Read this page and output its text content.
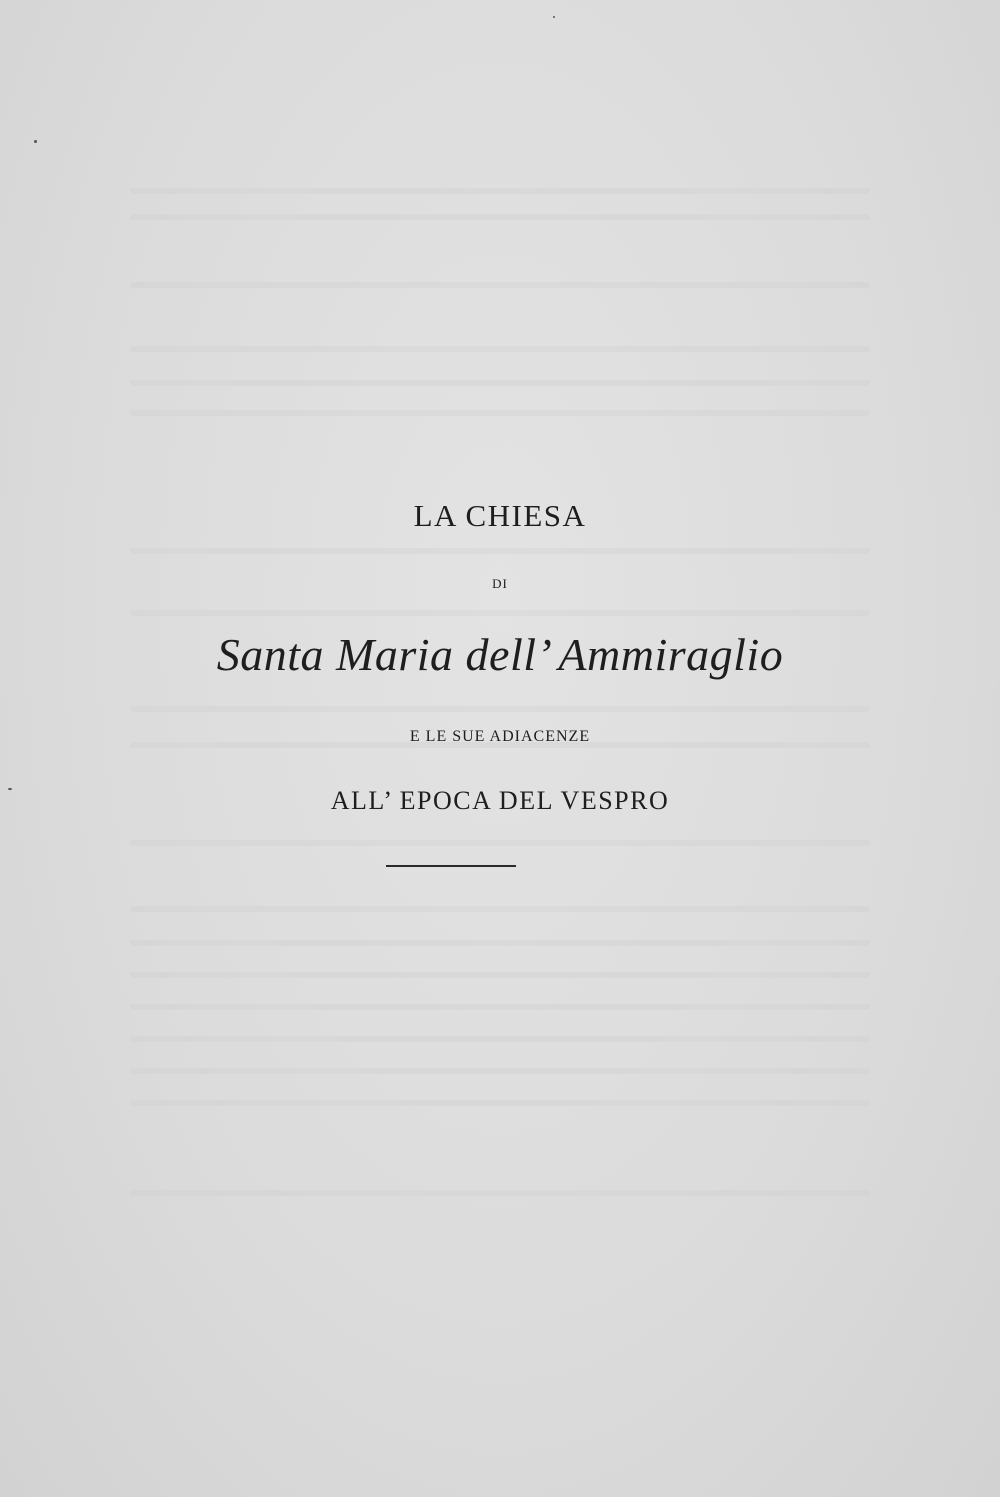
LA CHIESA
DI
Santa Maria dell’ Ammiraglio
E LE SUE ADIACENZE
ALL’ EPOCA DEL VESPRO
